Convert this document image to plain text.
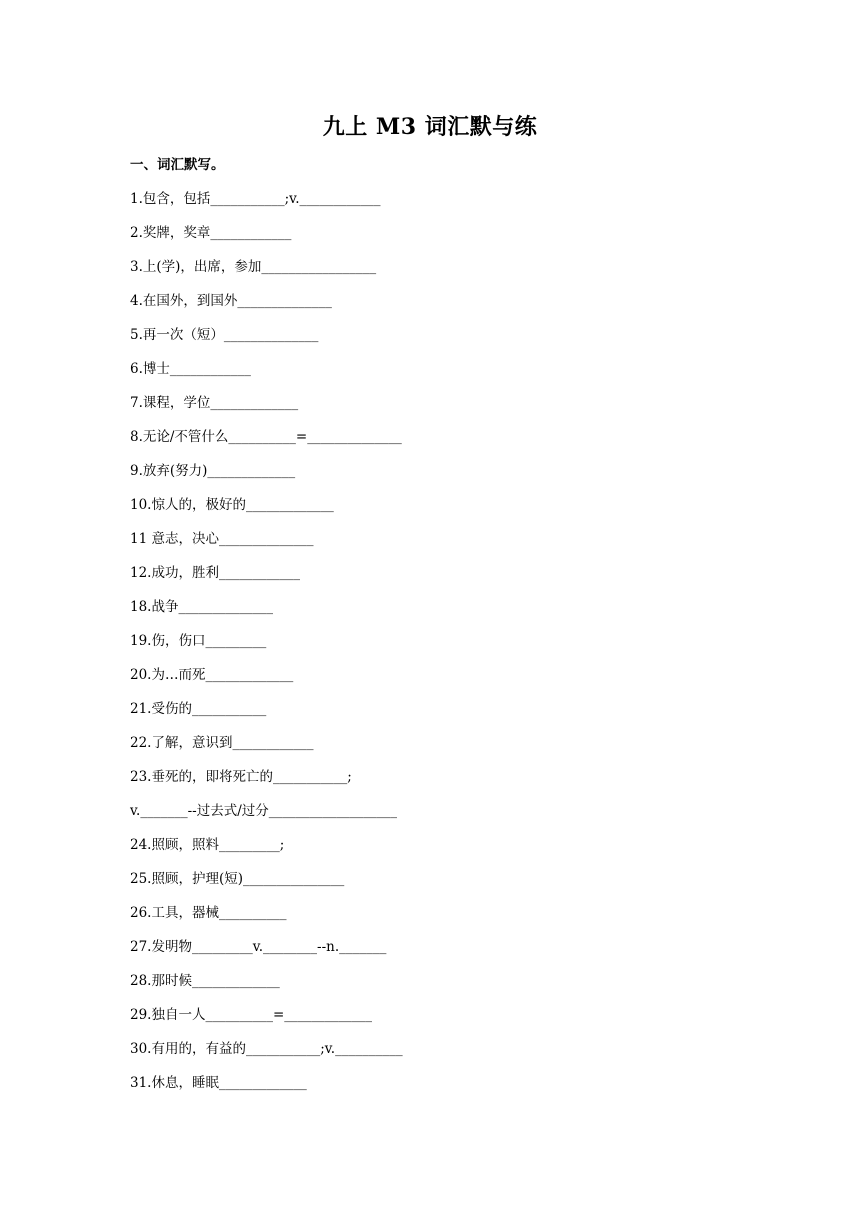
九上 M3 词汇默与练
一、词汇默写。
1.包含，包括___________;v.____________
2.奖牌，奖章____________
3.上(学)，出席，参加_________________
4.在国外，到国外______________
5.再一次（短）______________
6.博士____________
7.课程，学位_____________
8.无论/不管什么__________=______________
9.放弃(努力)_____________
10.惊人的，极好的_____________
11 意志，决心______________
12.成功，胜利____________
18.战争______________
19.伤，伤口_________
20.为…而死_____________
21.受伤的___________
22.了解，意识到____________
23.垂死的，即将死亡的___________;
v._______--过去式/过分___________________
24.照顾，照料_________;
25.照顾，护理(短)_______________
26.工具，器械__________
27.发明物_________v.________--n._______
28.那时候_____________
29.独自一人__________=_____________
30.有用的，有益的___________;v.__________
31.休息，睡眠_____________
